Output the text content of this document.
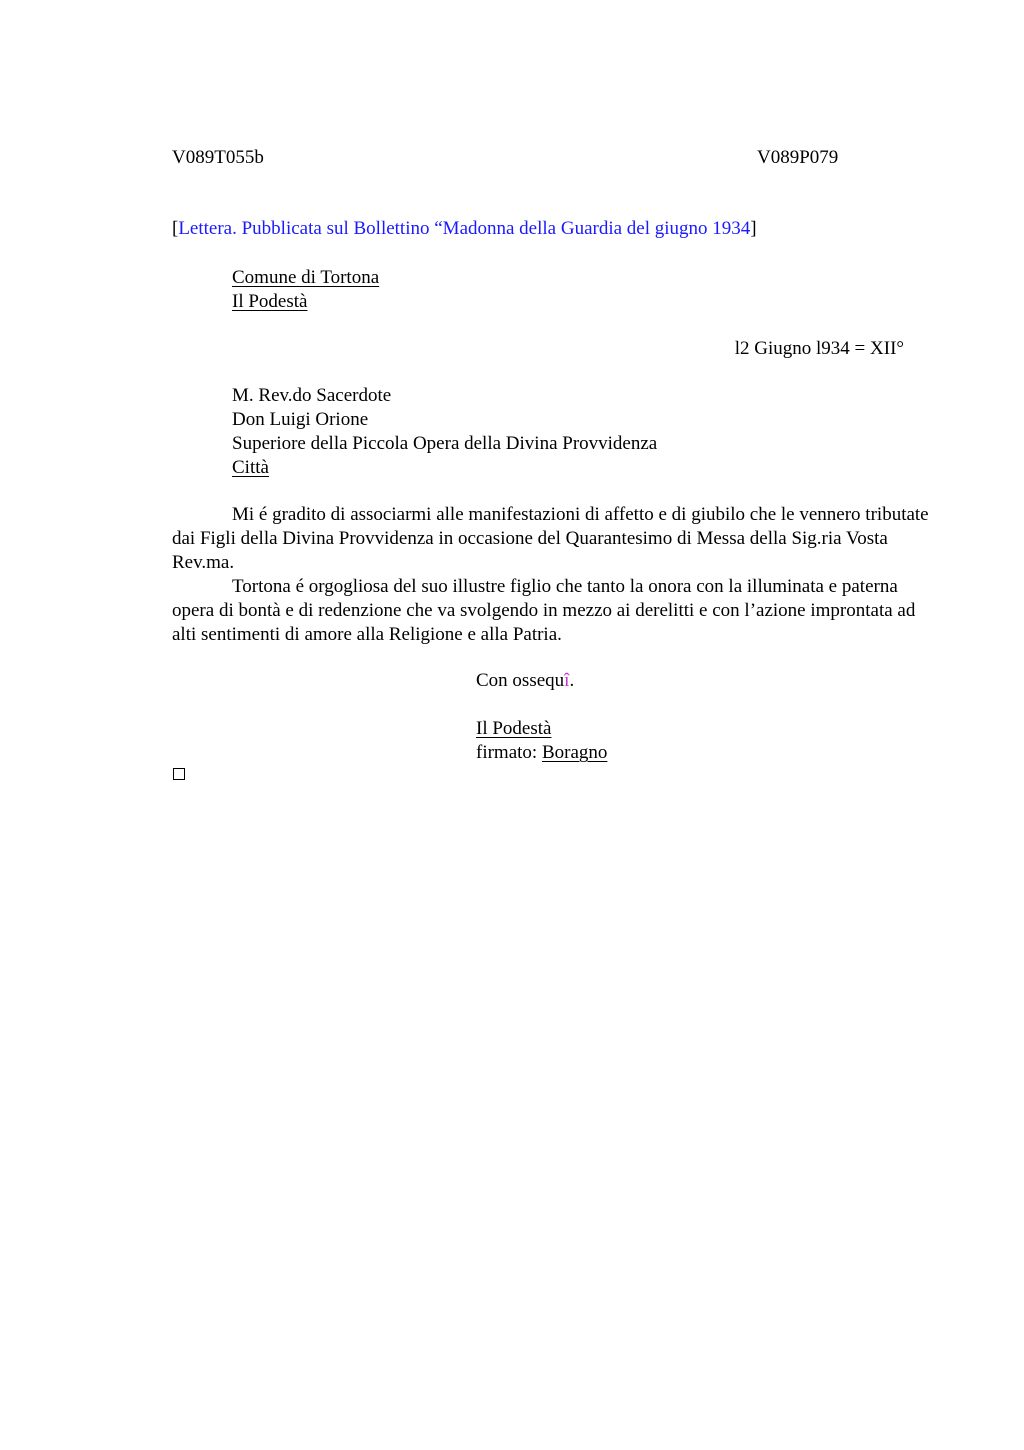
V089T055b	V089P079
[Lettera. Pubblicata sul Bollettino “Madonna della Guardia del giugno 1934]
Comune di Tortona
Il Podestà
l2 Giugno l934 = XII°
M. Rev.do Sacerdote
Don Luigi Orione
Superiore della Piccola Opera della Divina Provvidenza
Città
Mi é gradito di associarmi alle manifestazioni di affetto e di giubilo che le vennero tributate dai Figli della Divina Provvidenza in occasione del Quarantesimo di Messa della Sig.ria Vosta Rev.ma.
Tortona é orgogliosa del suo illustre figlio che tanto la onora con la illuminata e paterna opera di bontà e di redenzione che va svolgendo in mezzo ai derelitti e con l’azione improntata ad alti sentimenti di amore alla Religione e alla Patria.
Con ossequî.
Il Podestà
firmato: Boragno
